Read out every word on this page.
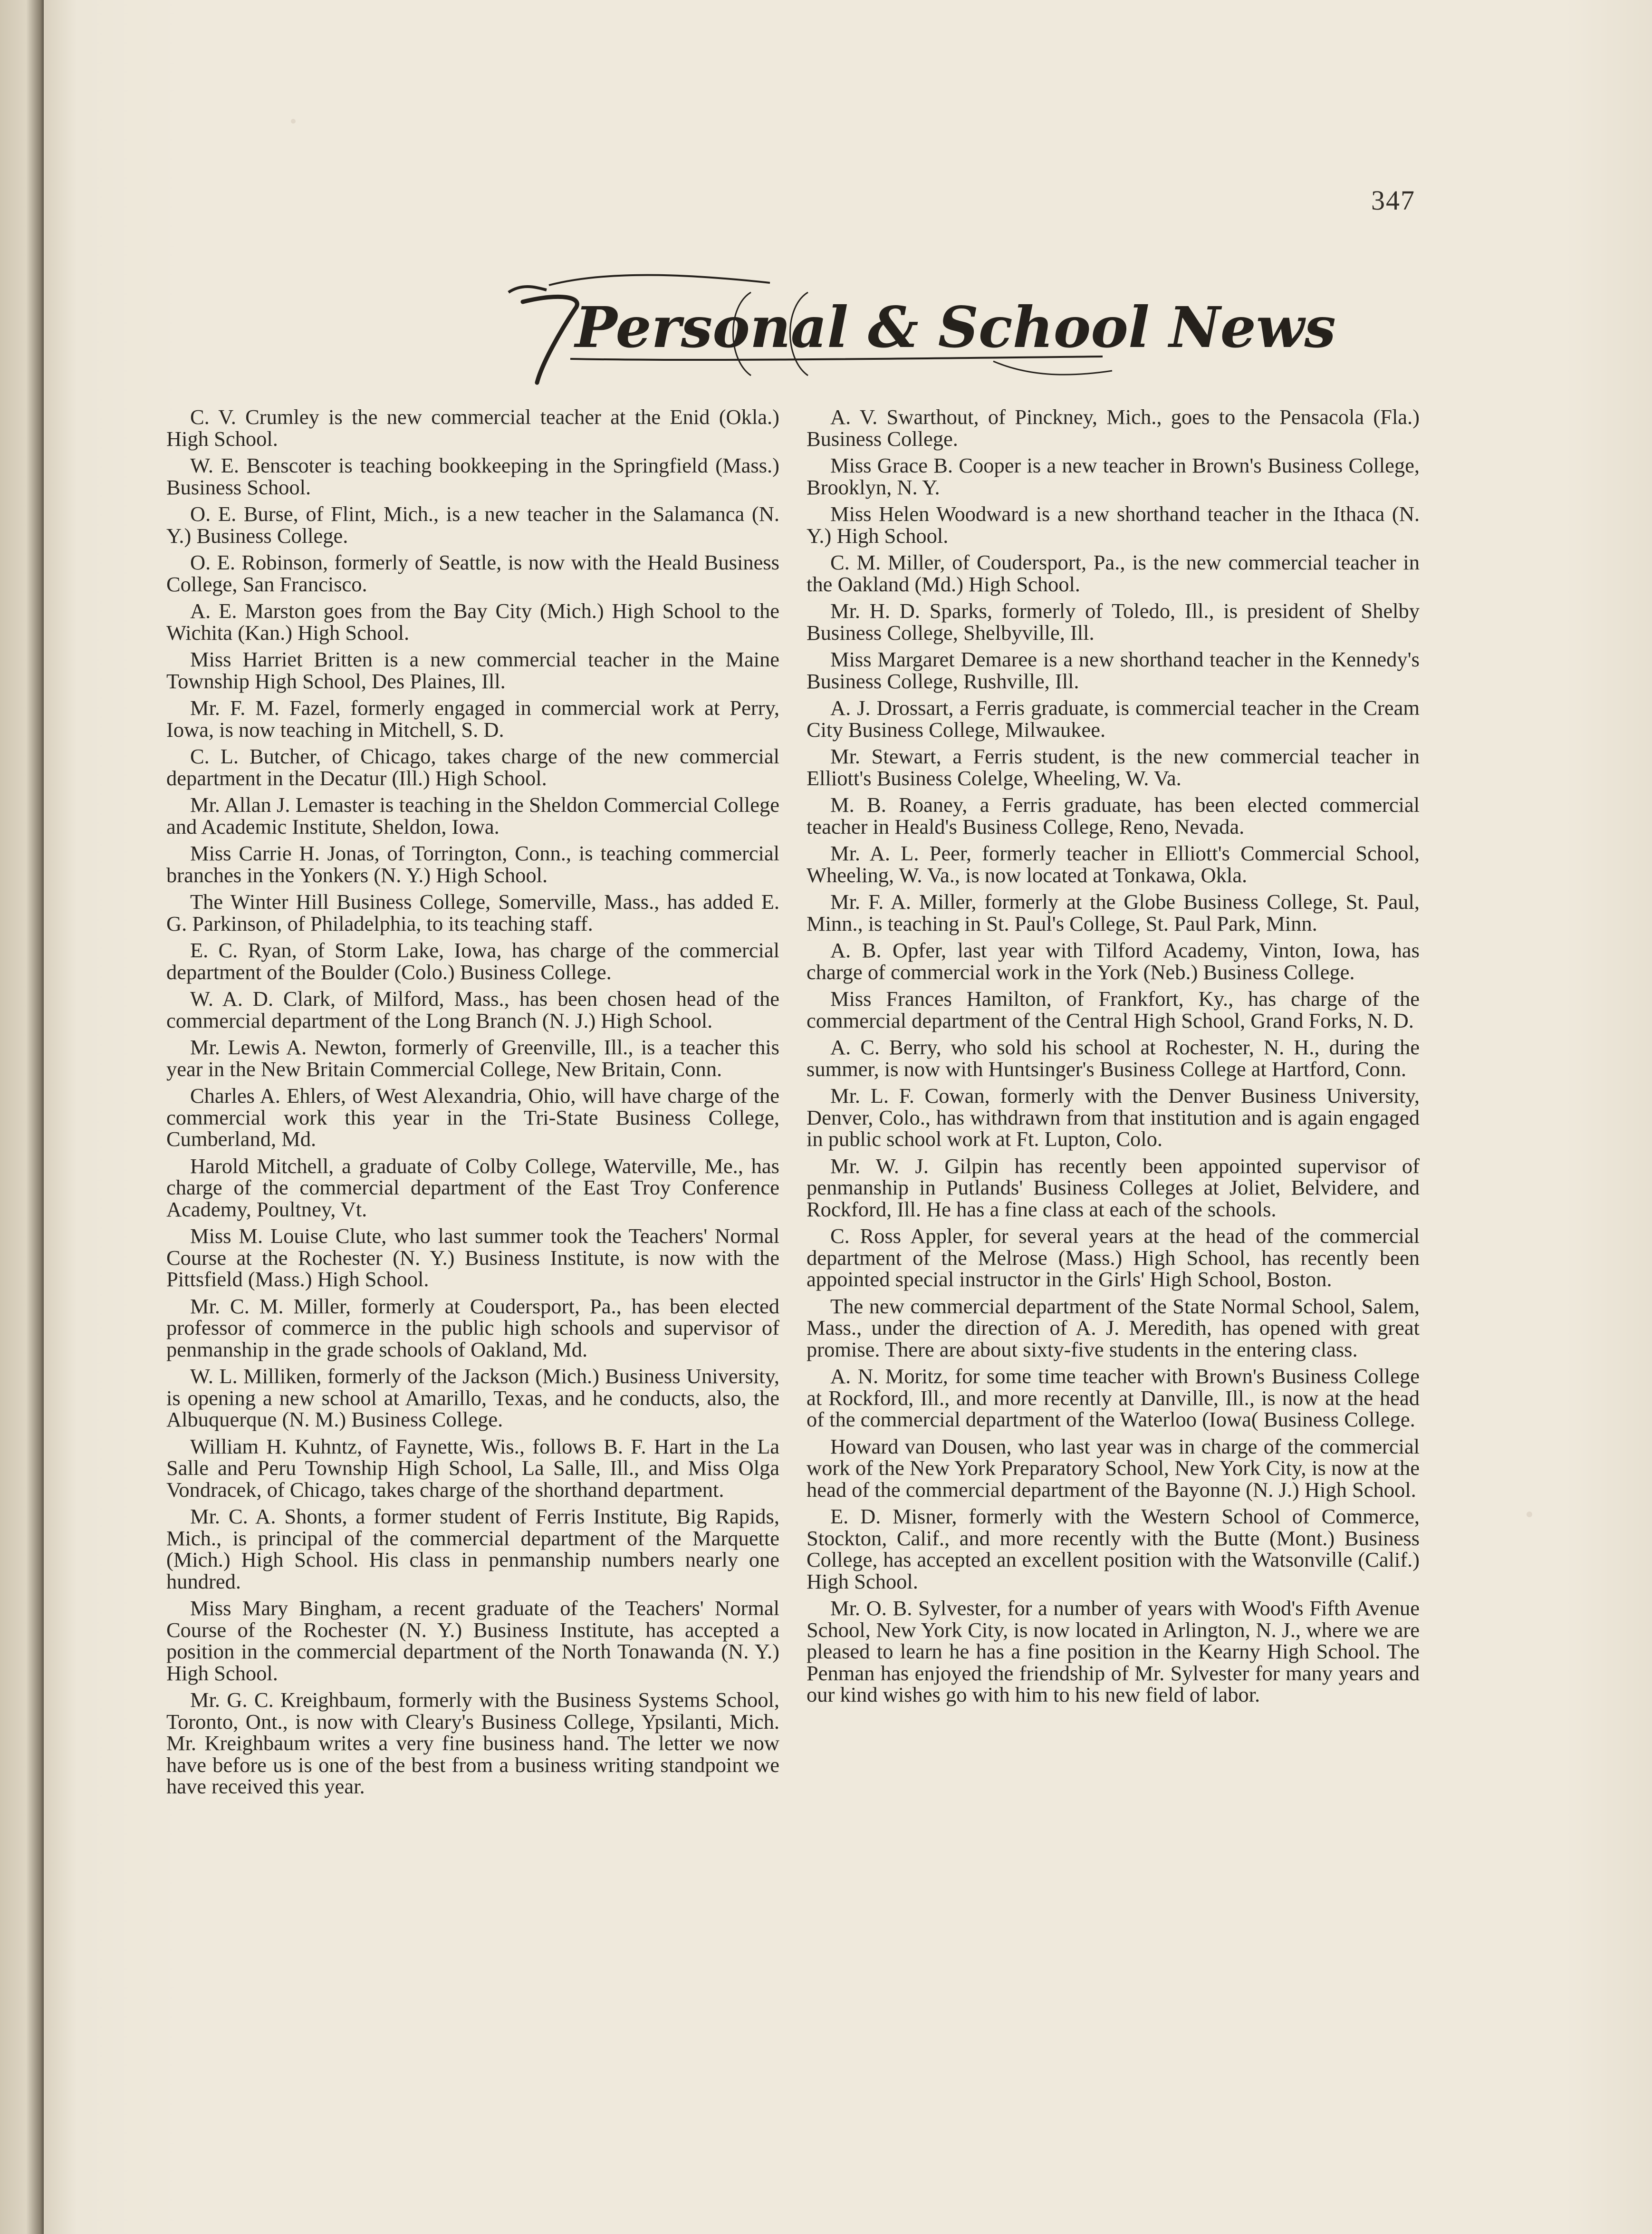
347
Personal & School News

C. V. Crumley is the new commercial teacher at the Enid (Okla.) High School.

W. E. Benscoter is teaching bookkeeping in the Springfield (Mass.) Business School.

O. E. Burse, of Flint, Mich., is a new teacher in the Salamanca (N. Y.) Business College.

O. E. Robinson, formerly of Seattle, is now with the Heald Business College, San Francisco.

A. E. Marston goes from the Bay City (Mich.) High School to the Wichita (Kan.) High School.

Miss Harriet Britten is a new commercial teacher in the Maine Township High School, Des Plaines, Ill.

Mr. F. M. Fazel, formerly engaged in commercial work at Perry, Iowa, is now teaching in Mitchell, S. D.

C. L. Butcher, of Chicago, takes charge of the new commercial department in the Decatur (Ill.) High School.

Mr. Allan J. Lemaster is teaching in the Sheldon Commercial College and Academic Institute, Sheldon, Iowa.

Miss Carrie H. Jonas, of Torrington, Conn., is teaching commercial branches in the Yonkers (N. Y.) High School.

The Winter Hill Business College, Somerville, Mass., has added E. G. Parkinson, of Philadelphia, to its teaching staff.

E. C. Ryan, of Storm Lake, Iowa, has charge of the commercial department of the Boulder (Colo.) Business College.

W. A. D. Clark, of Milford, Mass., has been chosen head of the commercial department of the Long Branch (N. J.) High School.

Mr. Lewis A. Newton, formerly of Greenville, Ill., is a teacher this year in the New Britain Commercial College, New Britain, Conn.

Charles A. Ehlers, of West Alexandria, Ohio, will have charge of the commercial work this year in the Tri-State Business College, Cumberland, Md.

Harold Mitchell, a graduate of Colby College, Waterville, Me., has charge of the commercial department of the East Troy Conference Academy, Poultney, Vt.

Miss M. Louise Clute, who last summer took the Teachers' Normal Course at the Rochester (N. Y.) Business Institute, is now with the Pittsfield (Mass.) High School.

Mr. C. M. Miller, formerly at Coudersport, Pa., has been elected professor of commerce in the public high schools and supervisor of penmanship in the grade schools of Oakland, Md.

W. L. Milliken, formerly of the Jackson (Mich.) Business University, is opening a new school at Amarillo, Texas, and he conducts, also, the Albuquerque (N. M.) Business College.

William H. Kuhntz, of Faynette, Wis., follows B. F. Hart in the La Salle and Peru Township High School, La Salle, Ill., and Miss Olga Vondracek, of Chicago, takes charge of the shorthand department.

Mr. C. A. Shonts, a former student of Ferris Institute, Big Rapids, Mich., is principal of the commercial department of the Marquette (Mich.) High School. His class in penmanship numbers nearly one hundred.

Miss Mary Bingham, a recent graduate of the Teachers' Normal Course of the Rochester (N. Y.) Business Institute, has accepted a position in the commercial department of the North Tonawanda (N. Y.) High School.

Mr. G. C. Kreighbaum, formerly with the Business Systems School, Toronto, Ont., is now with Cleary's Business College, Ypsilanti, Mich. Mr. Kreighbaum writes a very fine business hand. The letter we now have before us is one of the best from a business writing standpoint we have received this year.

A. V. Swarthout, of Pinckney, Mich., goes to the Pensacola (Fla.) Business College.

Miss Grace B. Cooper is a new teacher in Brown's Business College, Brooklyn, N. Y.

Miss Helen Woodward is a new shorthand teacher in the Ithaca (N. Y.) High School.

C. M. Miller, of Coudersport, Pa., is the new commercial teacher in the Oakland (Md.) High School.

Mr. H. D. Sparks, formerly of Toledo, Ill., is president of Shelby Business College, Shelbyville, Ill.

Miss Margaret Demaree is a new shorthand teacher in the Kennedy's Business College, Rushville, Ill.

A. J. Drossart, a Ferris graduate, is commercial teacher in the Cream City Business College, Milwaukee.

Mr. Stewart, a Ferris student, is the new commercial teacher in Elliott's Business Colelge, Wheeling, W. Va.

M. B. Roaney, a Ferris graduate, has been elected commercial teacher in Heald's Business College, Reno, Nevada.

Mr. A. L. Peer, formerly teacher in Elliott's Commercial School, Wheeling, W. Va., is now located at Tonkawa, Okla.

Mr. F. A. Miller, formerly at the Globe Business College, St. Paul, Minn., is teaching in St. Paul's College, St. Paul Park, Minn.

A. B. Opfer, last year with Tilford Academy, Vinton, Iowa, has charge of commercial work in the York (Neb.) Business College.

Miss Frances Hamilton, of Frankfort, Ky., has charge of the commercial department of the Central High School, Grand Forks, N. D.

A. C. Berry, who sold his school at Rochester, N. H., during the summer, is now with Huntsinger's Business College at Hartford, Conn.

Mr. L. F. Cowan, formerly with the Denver Business University, Denver, Colo., has withdrawn from that institution and is again engaged in public school work at Ft. Lupton, Colo.

Mr. W. J. Gilpin has recently been appointed supervisor of penmanship in Putlands' Business Colleges at Joliet, Belvidere, and Rockford, Ill. He has a fine class at each of the schools.

C. Ross Appler, for several years at the head of the commercial department of the Melrose (Mass.) High School, has recently been appointed special instructor in the Girls' High School, Boston.

The new commercial department of the State Normal School, Salem, Mass., under the direction of A. J. Meredith, has opened with great promise. There are about sixty-five students in the entering class.

A. N. Moritz, for some time teacher with Brown's Business College at Rockford, Ill., and more recently at Danville, Ill., is now at the head of the commercial department of the Waterloo (Iowa( Business College.

Howard van Dousen, who last year was in charge of the commercial work of the New York Preparatory School, New York City, is now at the head of the commercial department of the Bayonne (N. J.) High School.

E. D. Misner, formerly with the Western School of Commerce, Stockton, Calif., and more recently with the Butte (Mont.) Business College, has accepted an excellent position with the Watsonville (Calif.) High School.

Mr. O. B. Sylvester, for a number of years with Wood's Fifth Avenue School, New York City, is now located in Arlington, N. J., where we are pleased to learn he has a fine position in the Kearny High School. The Penman has enjoyed the friendship of Mr. Sylvester for many years and our kind wishes go with him to his new field of labor.
